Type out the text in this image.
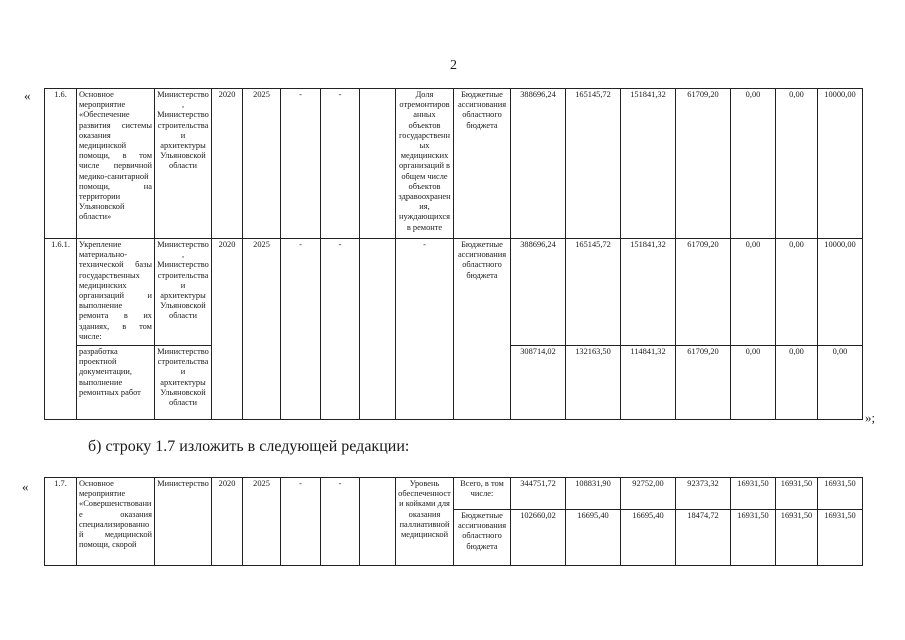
2
«	1.6.	Основное мероприятие «Обеспечение развития системы оказания медицинской помощи, в том числе первичной медико-санитарной помощи, на территории Ульяновской области»	Министерство, Министерство строительства и архитектуры Ульяновской области	2020	2025	-	-		Доля отремонтированных объектов государственных медицинских организаций в общем числе объектов здравоохранения, нуждающихся в ремонте	Бюджетные ассигнования областного бюджета	388696,24	165145,72	151841,32	61709,20	0,00	0,00	10000,00
1.6.1.	Укрепление материально-технической базы государственных медицинских организаций и выполнение ремонта в их зданиях, в том числе:	Министерство, Министерство строительства и архитектуры Ульяновской области	2020	2025	-	-		-	Бюджетные ассигнования областного бюджета	388696,24	165145,72	151841,32	61709,20	0,00	0,00	10000,00
	разработка проектной документации, выполнение ремонтных работ	Министерство строительства и архитектуры Ульяновской области								308714,02	132163,50	114841,32	61709,20	0,00	0,00	0,00
»;
б) строку 1.7 изложить в следующей редакции:
«	1.7.	Основное мероприятие «Совершенствование оказания специализированной медицинской помощи, скорой	Министерство	2020	2025	-	-		Уровень обеспеченности койками для оказания паллиативной медицинской	Всего, в том числе:	344751,72	108831,90	92752,00	92373,32	16931,50	16931,50	16931,50
									Бюджетные ассигнования областного бюджета	102660,02	16695,40	16695,40	18474,72	16931,50	16931,50	16931,50
